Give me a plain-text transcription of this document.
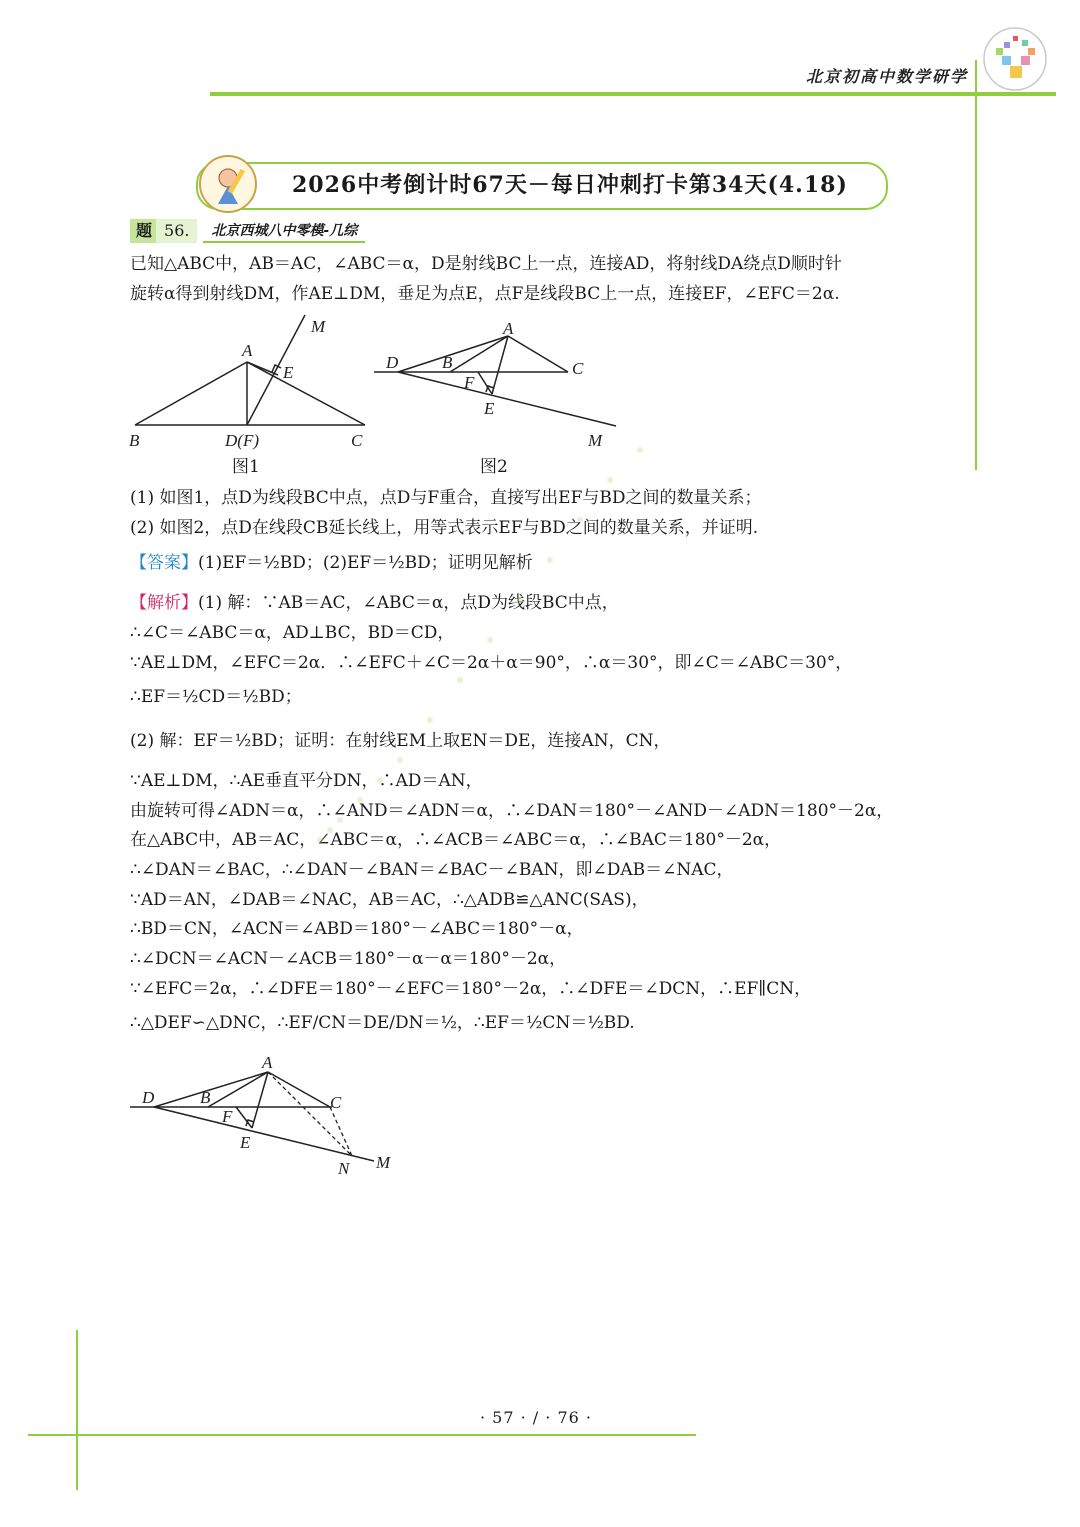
北京初高中数学研学
2026中考倒计时67天－每日冲刺打卡第34天(4.18)
题 56.	北京西城八中零模-几综
已知△ABC中，AB＝AC，∠ABC＝α，D是射线BC上一点，连接AD，将射线DA绕点D顺时针
旋转α得到射线DM，作AE⊥DM，垂足为点E，点F是线段BC上一点，连接EF，∠EFC＝2α.
A
M
E
B	D(F)	C
图1
A
D	B	C
F
E
M
图2
(1) 如图1，点D为线段BC中点，点D与F重合，直接写出EF与BD之间的数量关系；
(2) 如图2，点D在线段CB延长线上，用等式表示EF与BD之间的数量关系，并证明.
【答案】(1)EF＝½BD；(2)EF＝½BD；证明见解析
【解析】(1) 解：∵AB＝AC，∠ABC＝α，点D为线段BC中点，
∴∠C＝∠ABC＝α，AD⊥BC，BD＝CD，
∵AE⊥DM，∠EFC＝2α．∴∠EFC＋∠C＝2α＋α＝90°，∴α＝30°，即∠C＝∠ABC＝30°，
∴EF＝½CD＝½BD；
(2) 解：EF＝½BD；证明：在射线EM上取EN＝DE，连接AN，CN，
∵AE⊥DM，∴AE垂直平分DN，∴AD＝AN，
由旋转可得∠ADN＝α，∴∠AND＝∠ADN＝α，∴∠DAN＝180°－∠AND－∠ADN＝180°－2α，
在△ABC中，AB＝AC，∠ABC＝α，∴∠ACB＝∠ABC＝α，∴∠BAC＝180°－2α，
∴∠DAN＝∠BAC，∴∠DAN－∠BAN＝∠BAC－∠BAN，即∠DAB＝∠NAC，
∵AD＝AN，∠DAB＝∠NAC，AB＝AC，∴△ADB≌△ANC(SAS)，
∴BD＝CN，∠ACN＝∠ABD＝180°－∠ABC＝180°－α，
∴∠DCN＝∠ACN－∠ACB＝180°－α－α＝180°－2α，
∵∠EFC＝2α，∴∠DFE＝180°－∠EFC＝180°－2α，∴∠DFE＝∠DCN，∴EF∥CN，
∴△DEF∽△DNC，∴EF/CN＝DE/DN＝½，∴EF＝½CN＝½BD.
A
D	B	C
F
E
N M
· 57 · / · 76 ·
